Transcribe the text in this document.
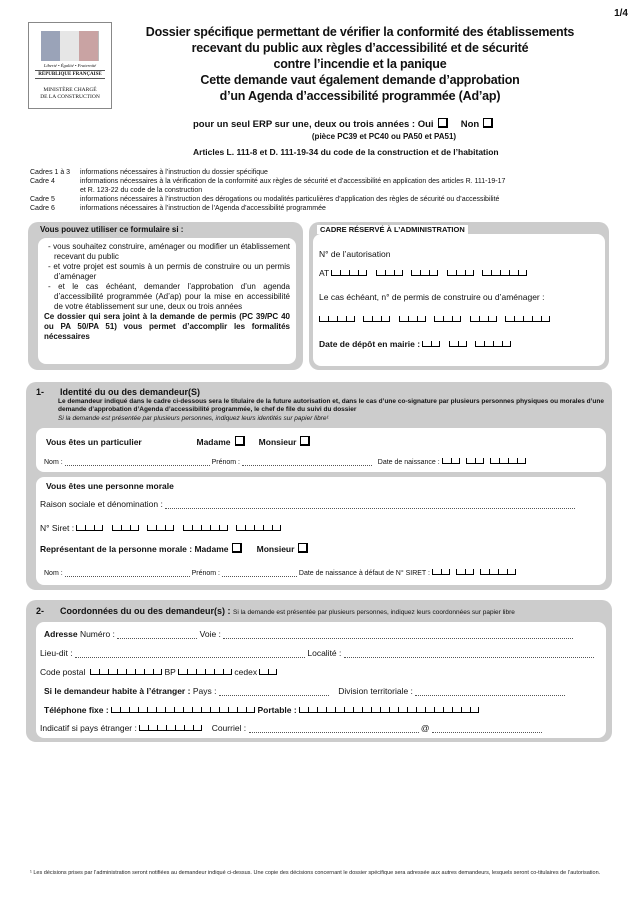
1/4
Liberté • Égalité • Fraternité
RÉPUBLIQUE FRANÇAISE
MINISTÈRE CHARGÉ
DE LA CONSTRUCTION
Dossier spécifique permettant de vérifier la conformité des établissements
recevant du public aux règles d’accessibilité et de sécurité
contre l’incendie et la panique
Cette demande vaut également demande d’approbation
d’un Agenda d’accessibilité programmée (Ad’ap)
pour un seul ERP sur une, deux ou trois années : Oui	Non
(pièce PC39 et PC40 ou PA50 et PA51)
Articles L. 111-8 et D. 111-19-34 du code de la construction et de l’habitation
Cadres 1 à 3	informations nécessaires à l’instruction du dossier spécifique
Cadre 4	informations nécessaires à la vérification de la conformité aux règles de sécurité et d’accessibilité en application des articles R. 111-19-17
et R. 123-22 du code de la construction
Cadre 5	informations nécessaires à l’instruction des dérogations ou modalités particulières d’application des règles de sécurité ou d’accessibilité
Cadre 6	informations nécessaires à l’instruction de l’Agenda d’accessibilité programmée
Vous pouvez utiliser ce formulaire si :
- vous souhaitez construire, aménager ou modifier un établissement recevant du public
- et votre projet est soumis à un permis de construire ou un permis d’aménager
- et le cas échéant, demander l’approbation d’un agenda d’accessibilité programmée (Ad’ap) pour la mise en accessibilité de votre établissement sur une, deux ou trois années
Ce dossier qui sera joint à la demande de permis (PC 39/PC 40 ou PA 50/PA 51) vous permet d’accomplir les formalités nécessaires
CADRE RÉSERVÉ À L’ADMINISTRATION
N° de l’autorisation
AT
Le cas échéant, n° de permis de construire ou d’aménager :

Date de dépôt en mairie :
1- Identité du ou des demandeur(S)
Le demandeur indiqué dans le cadre ci-dessous sera le titulaire de la future autorisation et, dans le cas d’une co-signature par plusieurs personnes physiques ou morales d’une demande d’approbation d’Agenda d’accessibilité programmée, le chef de file du suivi du dossier
Si la demande est présentée par plusieurs personnes, indiquez leurs identités sur papier libre¹
Vous êtes un particulier	Madame	Monsieur
Nom :	Prénom :	Date de naissance :
Vous êtes une personne morale
Raison sociale et dénomination :
N° Siret :
Représentant de la personne morale : Madame	Monsieur
Nom :	Prénom :	Date de naissance à défaut de N° SIRET :
2- Coordonnées du ou des demandeur(s) : Si la demande est présentée par plusieurs personnes, indiquez leurs coordonnées sur papier libre
Adresse Numéro :	Voie :
Lieu-dit :	Localité :
Code postal	BP	cedex
Si le demandeur habite à l’étranger : Pays :	Division territoriale :
Téléphone fixe :	Portable :
Indicatif si pays étranger :	Courriel :	@
¹ Les décisions prises par l’administration seront notifiées au demandeur indiqué ci-dessus. Une copie des décisions concernant le dossier spécifique sera adressée aux autres demandeurs, lesquels seront co-titulaires de l’autorisation.
